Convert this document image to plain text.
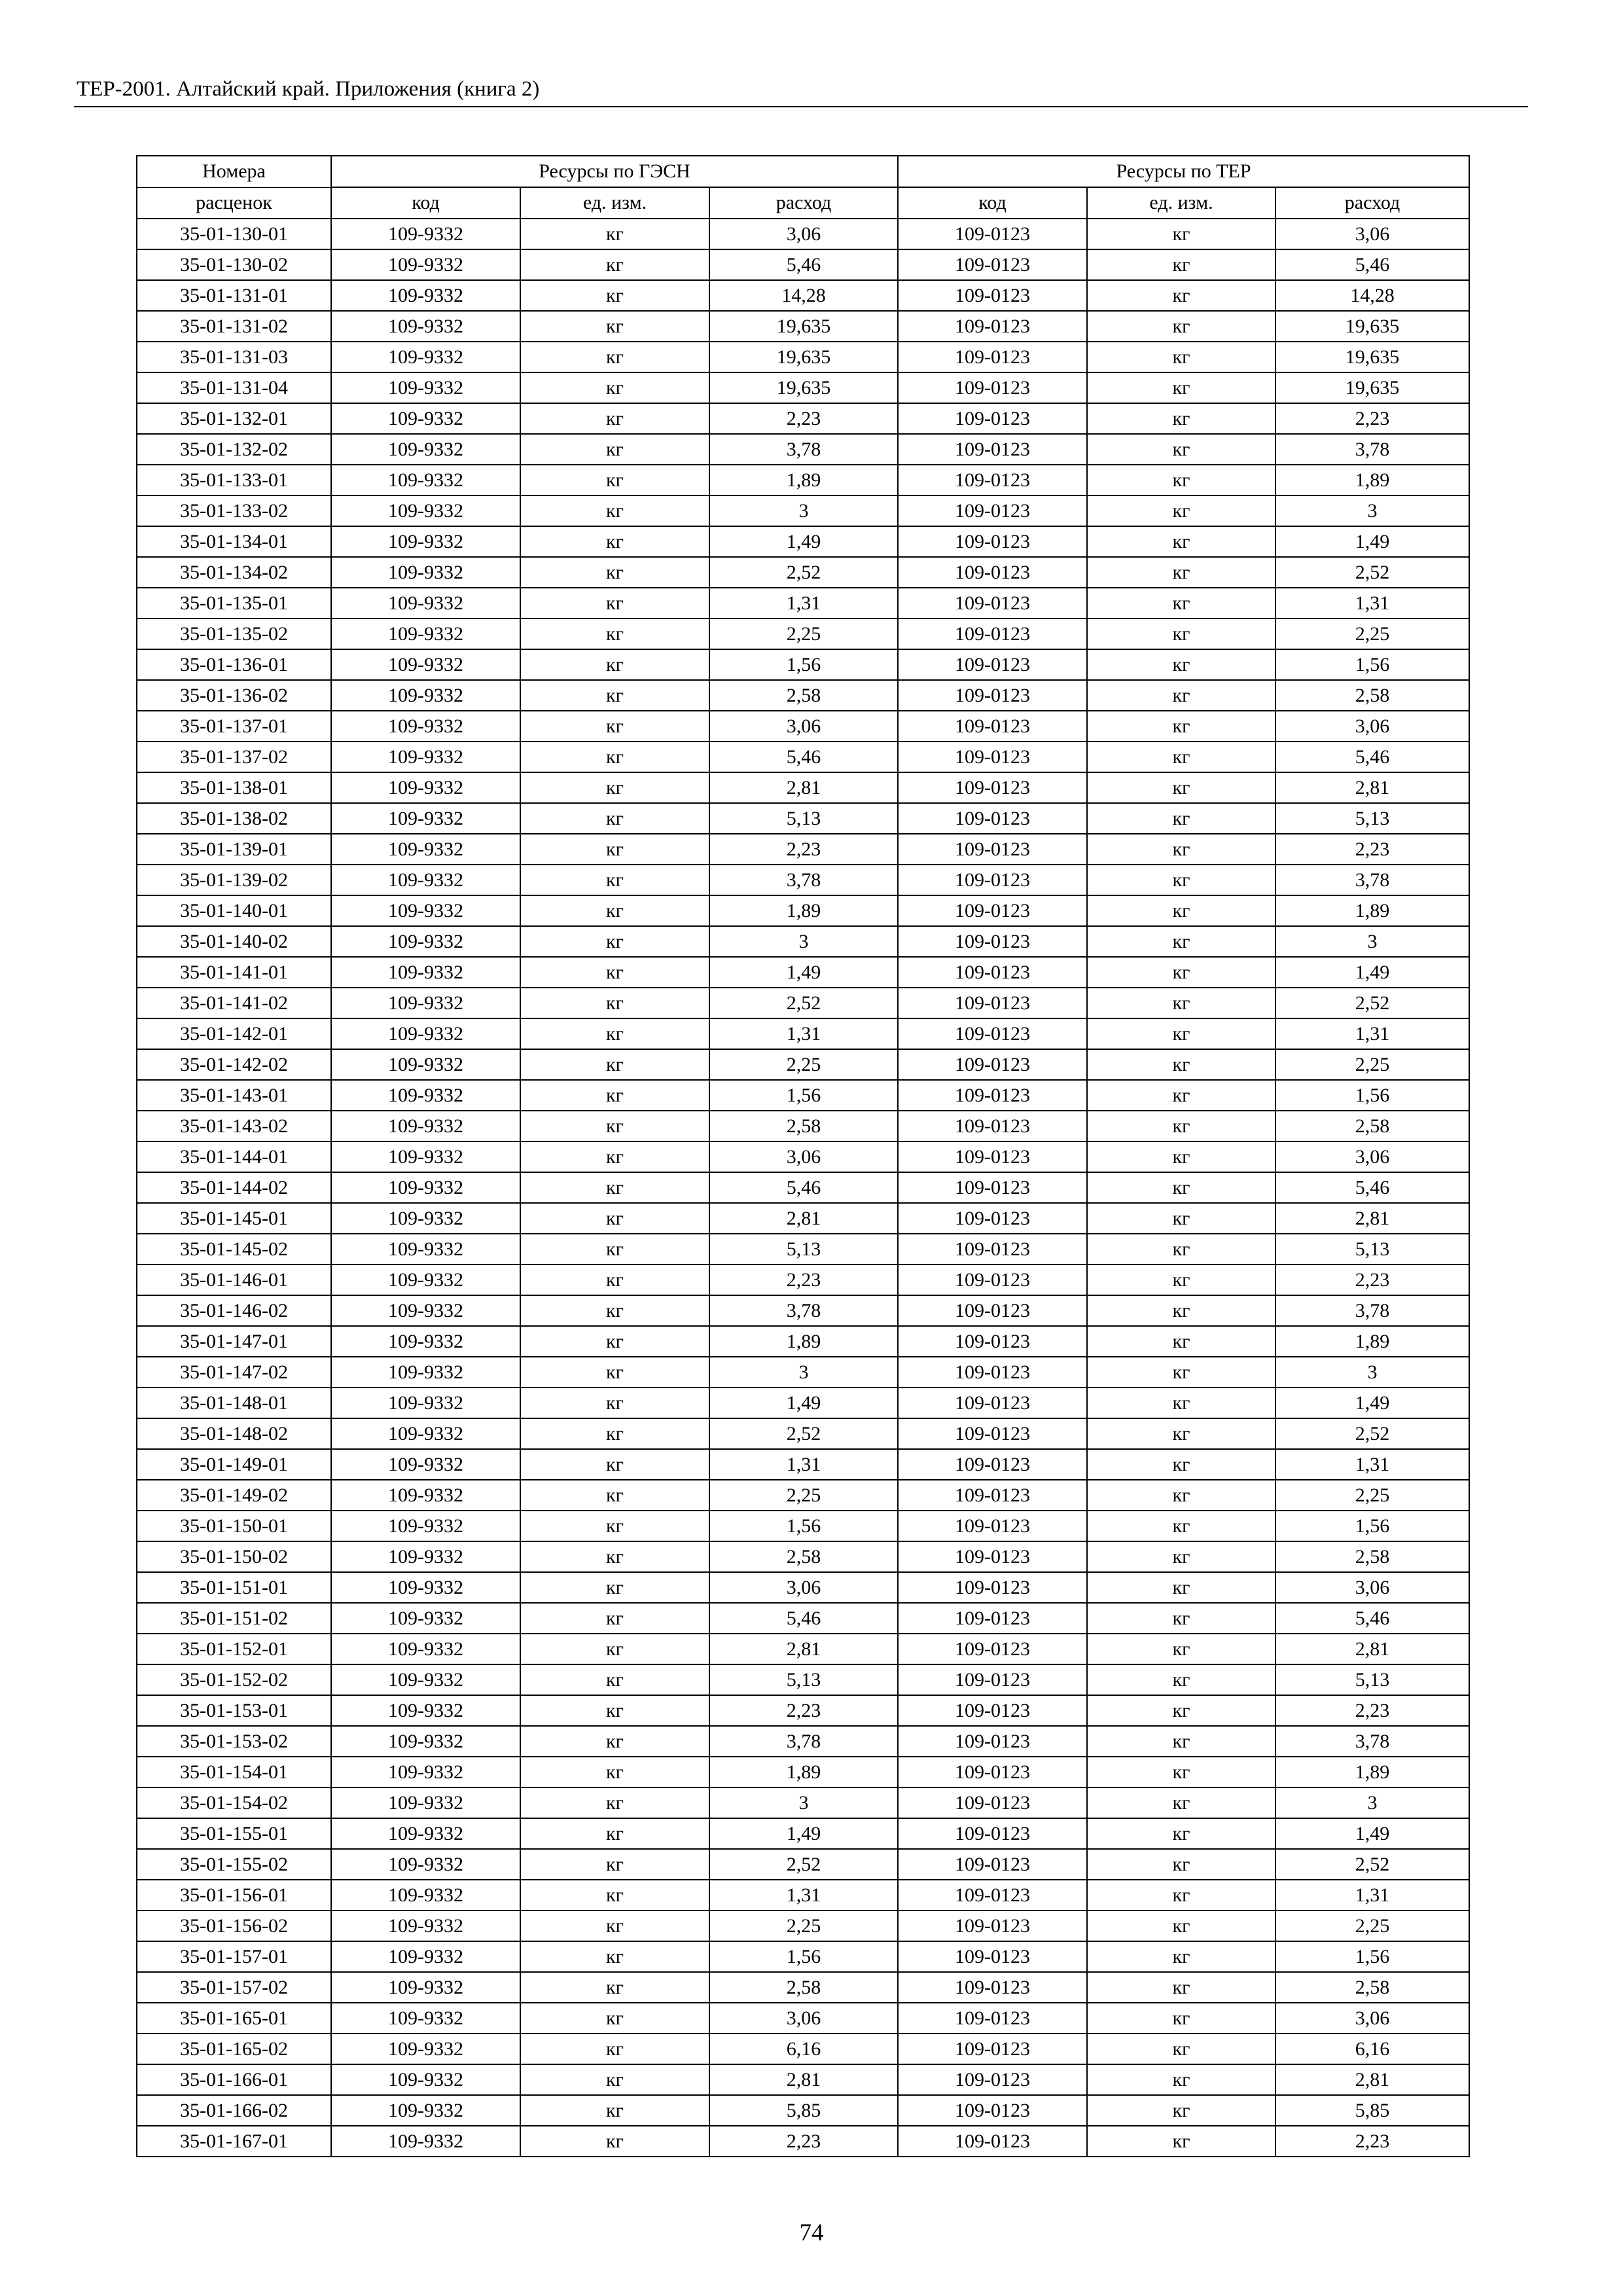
ТЕР-2001. Алтайский край. Приложения (книга 2)
Номера	Ресурсы по ГЭСН			Ресурсы по ТЕР		
расценок	код	ед. изм.	расход	код	ед. изм.	расход
35-01-130-01	109-9332	кг	3,06	109-0123	кг	3,06
35-01-130-02	109-9332	кг	5,46	109-0123	кг	5,46
35-01-131-01	109-9332	кг	14,28	109-0123	кг	14,28
35-01-131-02	109-9332	кг	19,635	109-0123	кг	19,635
35-01-131-03	109-9332	кг	19,635	109-0123	кг	19,635
35-01-131-04	109-9332	кг	19,635	109-0123	кг	19,635
35-01-132-01	109-9332	кг	2,23	109-0123	кг	2,23
35-01-132-02	109-9332	кг	3,78	109-0123	кг	3,78
35-01-133-01	109-9332	кг	1,89	109-0123	кг	1,89
35-01-133-02	109-9332	кг	3	109-0123	кг	3
35-01-134-01	109-9332	кг	1,49	109-0123	кг	1,49
35-01-134-02	109-9332	кг	2,52	109-0123	кг	2,52
35-01-135-01	109-9332	кг	1,31	109-0123	кг	1,31
35-01-135-02	109-9332	кг	2,25	109-0123	кг	2,25
35-01-136-01	109-9332	кг	1,56	109-0123	кг	1,56
35-01-136-02	109-9332	кг	2,58	109-0123	кг	2,58
35-01-137-01	109-9332	кг	3,06	109-0123	кг	3,06
35-01-137-02	109-9332	кг	5,46	109-0123	кг	5,46
35-01-138-01	109-9332	кг	2,81	109-0123	кг	2,81
35-01-138-02	109-9332	кг	5,13	109-0123	кг	5,13
35-01-139-01	109-9332	кг	2,23	109-0123	кг	2,23
35-01-139-02	109-9332	кг	3,78	109-0123	кг	3,78
35-01-140-01	109-9332	кг	1,89	109-0123	кг	1,89
35-01-140-02	109-9332	кг	3	109-0123	кг	3
35-01-141-01	109-9332	кг	1,49	109-0123	кг	1,49
35-01-141-02	109-9332	кг	2,52	109-0123	кг	2,52
35-01-142-01	109-9332	кг	1,31	109-0123	кг	1,31
35-01-142-02	109-9332	кг	2,25	109-0123	кг	2,25
35-01-143-01	109-9332	кг	1,56	109-0123	кг	1,56
35-01-143-02	109-9332	кг	2,58	109-0123	кг	2,58
35-01-144-01	109-9332	кг	3,06	109-0123	кг	3,06
35-01-144-02	109-9332	кг	5,46	109-0123	кг	5,46
35-01-145-01	109-9332	кг	2,81	109-0123	кг	2,81
35-01-145-02	109-9332	кг	5,13	109-0123	кг	5,13
35-01-146-01	109-9332	кг	2,23	109-0123	кг	2,23
35-01-146-02	109-9332	кг	3,78	109-0123	кг	3,78
35-01-147-01	109-9332	кг	1,89	109-0123	кг	1,89
35-01-147-02	109-9332	кг	3	109-0123	кг	3
35-01-148-01	109-9332	кг	1,49	109-0123	кг	1,49
35-01-148-02	109-9332	кг	2,52	109-0123	кг	2,52
35-01-149-01	109-9332	кг	1,31	109-0123	кг	1,31
35-01-149-02	109-9332	кг	2,25	109-0123	кг	2,25
35-01-150-01	109-9332	кг	1,56	109-0123	кг	1,56
35-01-150-02	109-9332	кг	2,58	109-0123	кг	2,58
35-01-151-01	109-9332	кг	3,06	109-0123	кг	3,06
35-01-151-02	109-9332	кг	5,46	109-0123	кг	5,46
35-01-152-01	109-9332	кг	2,81	109-0123	кг	2,81
35-01-152-02	109-9332	кг	5,13	109-0123	кг	5,13
35-01-153-01	109-9332	кг	2,23	109-0123	кг	2,23
35-01-153-02	109-9332	кг	3,78	109-0123	кг	3,78
35-01-154-01	109-9332	кг	1,89	109-0123	кг	1,89
35-01-154-02	109-9332	кг	3	109-0123	кг	3
35-01-155-01	109-9332	кг	1,49	109-0123	кг	1,49
35-01-155-02	109-9332	кг	2,52	109-0123	кг	2,52
35-01-156-01	109-9332	кг	1,31	109-0123	кг	1,31
35-01-156-02	109-9332	кг	2,25	109-0123	кг	2,25
35-01-157-01	109-9332	кг	1,56	109-0123	кг	1,56
35-01-157-02	109-9332	кг	2,58	109-0123	кг	2,58
35-01-165-01	109-9332	кг	3,06	109-0123	кг	3,06
35-01-165-02	109-9332	кг	6,16	109-0123	кг	6,16
35-01-166-01	109-9332	кг	2,81	109-0123	кг	2,81
35-01-166-02	109-9332	кг	5,85	109-0123	кг	5,85
35-01-167-01	109-9332	кг	2,23	109-0123	кг	2,23
74
